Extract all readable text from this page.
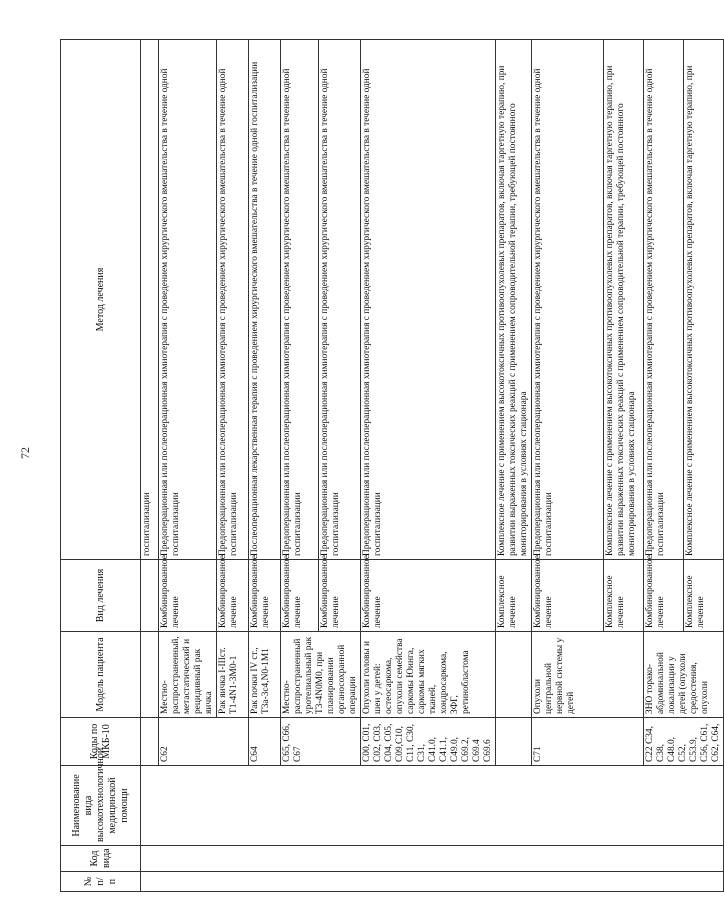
72
№ п/п	Код вида	Наименование вида высокотехнологичной медицинской помощи	Коды по МКБ-10	Модель пациента	Вид лечения	Метод лечения
						госпитализации
			C62	Местно-распространенный, метастатический и рецидивный рак яичка	Комбинированное лечение	Предоперационная или послеоперационная химиотерапия с проведением хирургического вмешательства в течение одной госпитализации
				Рак яичка I-IIIст. T1-4N1-3M0-1	Комбинированное лечение	Предоперационная или послеоперационная химиотерапия с проведением хирургического вмешательства в течение одной госпитализации
			C64	Рак почки IV ст., T3a-3c4,N0-1M1	Комбинированное лечение	Послеоперационная лекарственная терапия с проведением хирургического вмешательства в течение одной госпитализации
			C65, C66, C67	Местно-распространенный уротелиальный рак T3-4N0M0, при планировании органосохранной операции	Комбинированное лечение	Предоперационная или послеоперационная химиотерапия с проведением хирургического вмешательства в течение одной госпитализации
					Комбинированное лечение	Предоперационная или послеоперационная химиотерапия с проведением хирургического вмешательства в течение одной госпитализации
			C00, C01, C02, C03, C04, C05, C09,C10, C11, C30, C31, C41.0, C41.1, C49.0, C69.2, C69.4 C69.6	Опухоли головы и шеи у детей: остеосаркома, опухоли семейства саркомы Юинга, саркомы мягких тканей, хондросаркома, ЗФГ, ретинобластома	Комбинированное лечение	Предоперационная или послеоперационная химиотерапия с проведением хирургического вмешательства в течение одной госпитализации
					Комплексное лечение	Комплексное лечение с применением высокотоксичных противоопухолевых препаратов, включая таргетную терапию, при развитии выраженных токсических реакций с применением сопроводительной терапии, требующей постоянного мониторирования в условиях стационара
			C71	Опухоли центральной нервной системы у детей	Комбинированное лечение	Предоперационная или послеоперационная химиотерапия с проведением хирургического вмешательства в течение одной госпитализации
					Комплексное лечение	Комплексное лечение с применением высокотоксичных противоопухолевых препаратов, включая таргетную терапию, при развитии выраженных токсических реакций с применением сопроводительной терапии, требующей постоянного мониторирования в условиях стационара
			C22 C34, C38, C48.0, C52, C53.9, C56, C61, C62, C64,	ЗНО торако-абдоминальной локализации у детей (опухоли средостения, опухоли	Комбинированное лечение	Предоперационная или послеоперационная химиотерапия с проведением хирургического вмешательства в течение одной госпитализации
					Комплексное лечение	Комплексное лечение с применением высокотоксичных противоопухолевых препаратов, включая таргетную терапию, при
